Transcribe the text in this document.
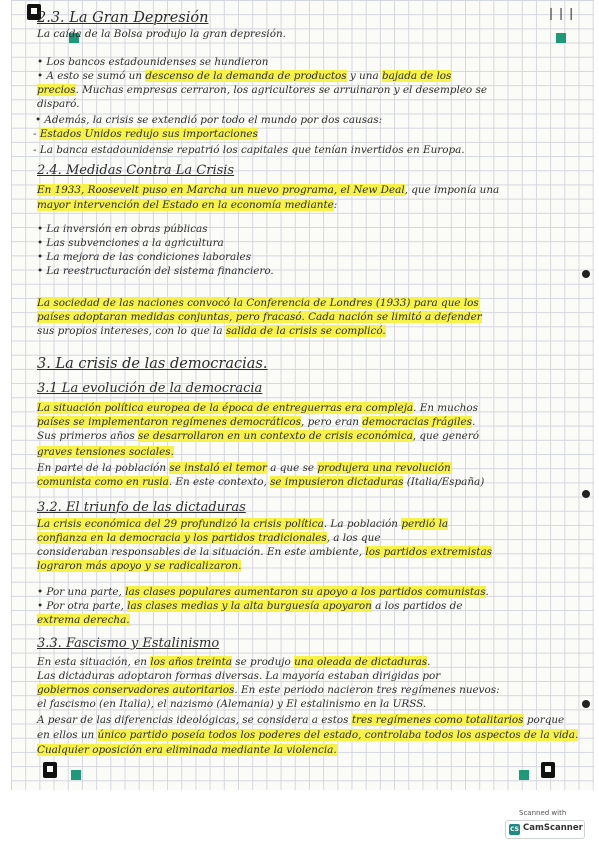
❘❘❘
2.3. La Gran Depresión
La caída de la Bolsa produjo la gran depresión.
• Los bancos estadounidenses se hundieron
• A esto se sumó un descenso de la demanda de productos y una bajada de los
precios. Muchas empresas cerraron, los agricultores se arruinaron y el desempleo se
disparó.
• Además, la crisis se extendió por todo el mundo por dos causas:
- Estados Unidos redujo sus importaciones
- La banca estadounidense repatrió los capitales que tenían invertidos en Europa.
2.4. Medidas Contra La Crisis
En 1933, Roosevelt puso en Marcha un nuevo programa, el New Deal, que imponía una
mayor intervención del Estado en la economía mediante:
• La inversión en obras públicas
• Las subvenciones a la agricultura
• La mejora de las condiciones laborales
• La reestructuración del sistema financiero.
La sociedad de las naciones convocó la Conferencia de Londres (1933) para que los
países adoptaran medidas conjuntas, pero fracasó. Cada nación se limitó a defender
sus propios intereses, con lo que la salida de la crisis se complicó.
3. La crisis de las democracias.
3.1 La evolución de la democracia
La situación política europea de la época de entreguerras era compleja. En muchos
países se implementaron regímenes democráticos, pero eran democracias frágiles.
Sus primeros años se desarrollaron en un contexto de crisis económica, que generó
graves tensiones sociales.
En parte de la población se instaló el temor a que se produjera una revolución
comunista como en rusia. En este contexto, se impusieron dictaduras (Italia/España)
3.2. El triunfo de las dictaduras
La crisis económica del 29 profundizó la crisis política. La población perdió la
confianza en la democracia y los partidos tradicionales, a los que
consideraban responsables de la situación. En este ambiente, los partidos extremistas
lograron más apoyo y se radicalizaron.
• Por una parte, las clases populares aumentaron su apoyo a los partidos comunistas.
• Por otra parte, las clases medias y la alta burguesía apoyaron a los partidos de
extrema derecha.
3.3. Fascismo y Estalinismo
En esta situación, en los años treinta se produjo una oleada de dictaduras.
Las dictaduras adoptaron formas diversas. La mayoría estaban dirigidas por
gobiernos conservadores autoritarios. En este periodo nacieron tres regímenes nuevos:
el fascismo (en Italia), el nazismo (Alemania) y El estalinismo en la URSS.
A pesar de las diferencias ideológicas, se considera a estos tres regímenes como totalitarios porque
en ellos un único partido poseía todos los poderes del estado, controlaba todos los aspectos de la vida.
Cualquier oposición era eliminada mediante la violencia.
Scanned with
CS CamScanner
